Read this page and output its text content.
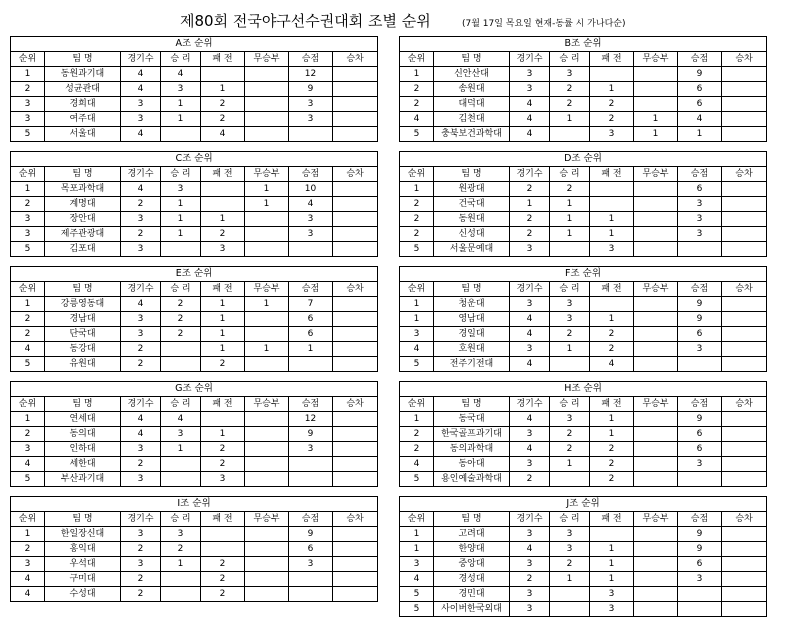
제80회 전국야구선수권대회 조별 순위	(7월 17일 목요일 현재-동률 시 가나다순)
A조 순위							
순위	팀 명	경기수	승 리	패 전	무승부	승점	승차
1	동원과기대	4	4			12	
2	성균관대	4	3	1		9	
3	경희대	3	1	2		3	
3	여주대	3	1	2		3	
5	서울대	4		4			
B조 순위							
순위	팀 명	경기수	승 리	패 전	무승부	승점	승차
1	신안산대	3	3			9	
2	송원대	3	2	1		6	
2	대덕대	4	2	2		6	
4	김천대	4	1	2	1	4	
5	충북보건과학대	4		3	1	1	
C조 순위							
순위	팀 명	경기수	승 리	패 전	무승부	승점	승차
1	목포과학대	4	3		1	10	
2	계명대	2	1		1	4	
3	장안대	3	1	1		3	
3	제주관광대	2	1	2		3	
5	김포대	3		3			
D조 순위							
순위	팀 명	경기수	승 리	패 전	무승부	승점	승차
1	원광대	2	2			6	
2	건국대	1	1			3	
2	동원대	2	1	1		3	
2	신성대	2	1	1		3	
5	서울문예대	3		3			
E조 순위							
순위	팀 명	경기수	승 리	패 전	무승부	승점	승차
1	강릉영동대	4	2	1	1	7	
2	경남대	3	2	1		6	
2	단국대	3	2	1		6	
4	동강대	2		1	1	1	
5	유원대	2		2			
F조 순위							
순위	팀 명	경기수	승 리	패 전	무승부	승점	승차
1	청운대	3	3			9	
1	영남대	4	3	1		9	
3	경일대	4	2	2		6	
4	호원대	3	1	2		3	
5	전주기전대	4		4			
G조 순위							
순위	팀 명	경기수	승 리	패 전	무승부	승점	승차
1	연세대	4	4			12	
2	동의대	4	3	1		9	
3	인하대	3	1	2		3	
4	세한대	2		2			
5	부산과기대	3		3			
H조 순위							
순위	팀 명	경기수	승 리	패 전	무승부	승점	승차
1	동국대	4	3	1		9	
2	한국골프과기대	3	2	1		6	
2	동의과학대	4	2	2		6	
4	동아대	3	1	2		3	
5	용인예술과학대	2		2			
I조 순위							
순위	팀 명	경기수	승 리	패 전	무승부	승점	승차
1	한일장신대	3	3			9	
2	홍익대	2	2			6	
3	우석대	3	1	2		3	
4	구미대	2		2			
4	수성대	2		2			
J조 순위							
순위	팀 명	경기수	승 리	패 전	무승부	승점	승차
1	고려대	3	3			9	
1	한양대	4	3	1		9	
3	중앙대	3	2	1		6	
4	경성대	2	1	1		3	
5	경민대	3		3			
5	사이버한국외대	3		3			
